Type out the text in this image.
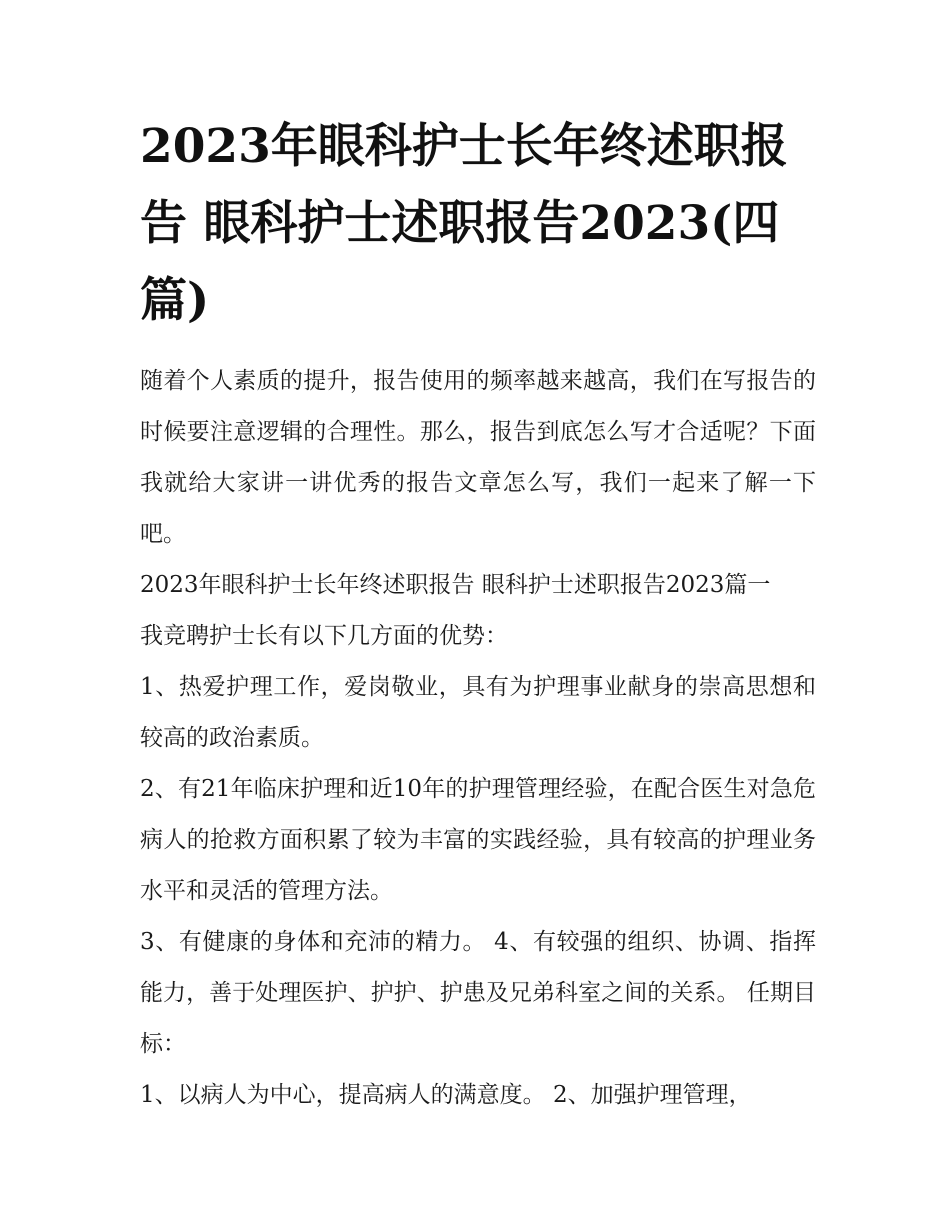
2023年眼科护士长年终述职报告 眼科护士述职报告2023(四篇)

随着个人素质的提升，报告使用的频率越来越高，我们在写报告的时候要注意逻辑的合理性。那么，报告到底怎么写才合适呢？下面我就给大家讲一讲优秀的报告文章怎么写，我们一起来了解一下吧。

2023年眼科护士长年终述职报告 眼科护士述职报告2023篇一

我竞聘护士长有以下几方面的优势：

1、热爱护理工作，爱岗敬业，具有为护理事业献身的崇高思想和较高的政治素质。

2、有21年临床护理和近10年的护理管理经验，在配合医生对急危病人的抢救方面积累了较为丰富的实践经验，具有较高的护理业务水平和灵活的管理方法。

3、有健康的身体和充沛的精力。 4、有较强的组织、协调、指挥能力，善于处理医护、护护、护患及兄弟科室之间的关系。 任期目标：

1、以病人为中心，提高病人的满意度。 2、加强护理管理，
